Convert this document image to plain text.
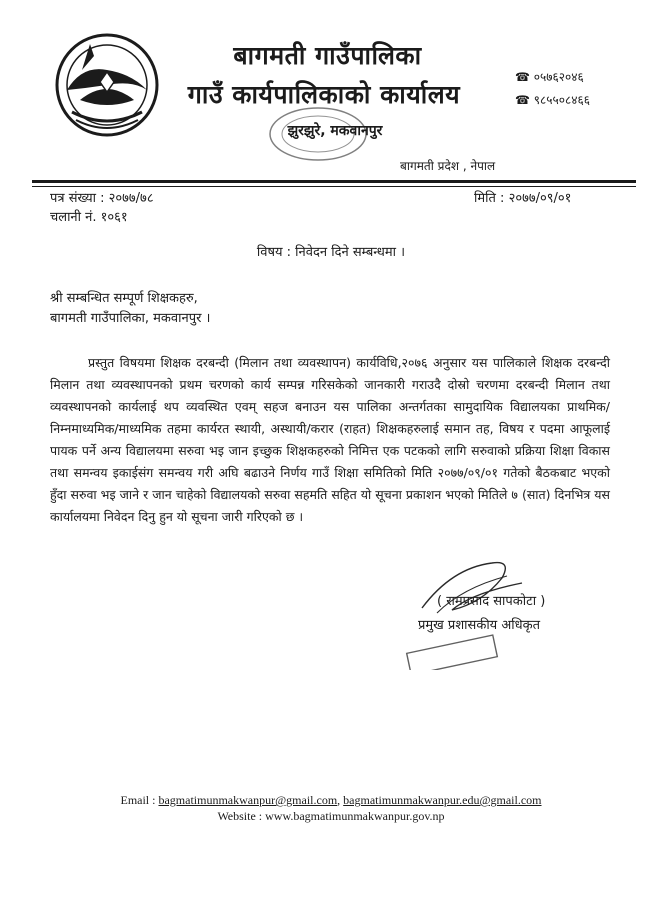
बागमती गाउँपालिका
गाउँ कार्यपालिकाको कार्यालय
झुरझुरे, मकवानपुर
☎ ०५७६२०४६
☎ ९८५५०८४६६
बागमती प्रदेश , नेपाल
पत्र संख्या : २०७७/७८
चलानी नं. १०६१
मिति : २०७७/०९/०१
विषय : निवेदन दिने सम्बन्धमा ।
श्री सम्बन्धित सम्पूर्ण शिक्षकहरु,
बागमती गाउँपालिका, मकवानपुर ।
प्रस्तुत विषयमा शिक्षक दरबन्दी (मिलान तथा व्यवस्थापन) कार्यविधि,२०७६ अनुसार यस पालिकाले शिक्षक दरबन्दी मिलान तथा व्यवस्थापनको प्रथम चरणको कार्य सम्पन्न गरिसकेको जानकारी गराउदै दोस्रो चरणमा दरबन्दी मिलान तथा व्यवस्थापनको कार्यलाई थप व्यवस्थित एवम् सहज बनाउन यस पालिका अन्तर्गतका सामुदायिक विद्यालयका प्राथमिक/निम्नमाध्यमिक/माध्यमिक तहमा कार्यरत स्थायी, अस्थायी/करार (राहत) शिक्षकहरुलाई समान तह, विषय र पदमा आफूलाई पायक पर्ने अन्य विद्यालयमा सरुवा भइ जान इच्छुक शिक्षकहरुको निमित्त एक पटकको लागि सरुवाको प्रक्रिया शिक्षा विकास तथा समन्वय इकाईसंग समन्वय गरी अघि बढाउने निर्णय गाउँ शिक्षा समितिको मिति २०७७/०९/०१ गतेको बैठकबाट भएको हुँदा सरुवा भइ जाने र जान चाहेको विद्यालयको सरुवा सहमति सहित यो सूचना प्रकाशन भएको मितिले ७ (सात) दिनभित्र यस कार्यालयमा निवेदन दिनु हुन यो सूचना जारी गरिएको छ ।
( रामप्रसाद सापकोटा )
प्रमुख प्रशासकीय अधिकृत
Email : bagmatimunmakwanpur@gmail.com, bagmatimunmakwanpur.edu@gmail.com
Website : www.bagmatimunmakwanpur.gov.np
